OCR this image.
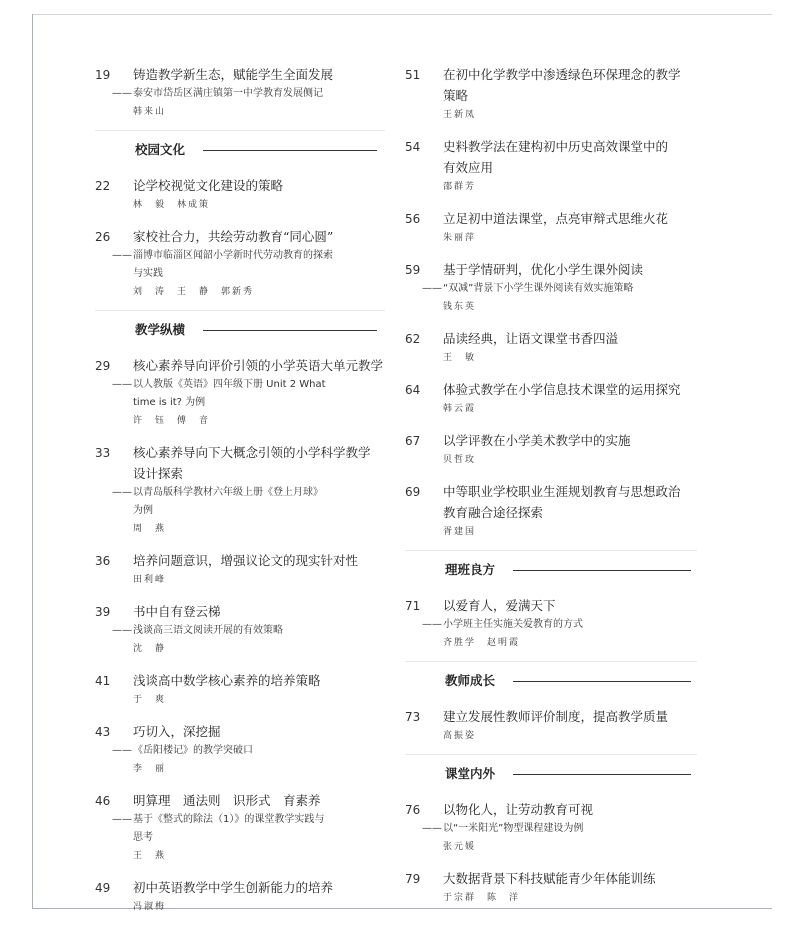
19 铸造教学新生态，赋能学生全面发展
—— 泰安市岱岳区满庄镇第一中学教育发展侧记
韩来山
校园文化
22 论学校视觉文化建设的策略
林　毅　林成策
26 家校社合力，共绘劳动教育“同心圆”
—— 淄博市临淄区闻韶小学新时代劳动教育的探索
与实践
刘　涛　王　静　郭新秀
教学纵横
29 核心素养导向评价引领的小学英语大单元教学
—— 以人教版《英语》四年级下册 Unit 2 What
time is it? 为例
许　钰　傅　音
33 核心素养导向下大概念引领的小学科学教学
设计探索
—— 以青岛版科学教材六年级上册《登上月球》
为例
周　燕
36 培养问题意识，增强议论文的现实针对性
田利峰
39 书中自有登云梯
—— 浅谈高三语文阅读开展的有效策略
沈　静
41 浅谈高中数学核心素养的培养策略
于　爽
43 巧切入，深挖掘
—— 《岳阳楼记》的教学突破口
李　丽
46 明算理　通法则　识形式　育素养
—— 基于《整式的除法（1）》的课堂教学实践与
思考
王　燕
49 初中英语教学中学生创新能力的培养
冯淑梅
51 在初中化学教学中渗透绿色环保理念的教学
策略
王新凤
54 史料教学法在建构初中历史高效课堂中的
有效应用
邵群芳
56 立足初中道法课堂，点亮审辩式思维火花
朱丽萍
59 基于学情研判，优化小学生课外阅读
—— “双减”背景下小学生课外阅读有效实施策略
钱东英
62 品读经典，让语文课堂书香四溢
王　敏
64 体验式教学在小学信息技术课堂的运用探究
韩云霞
67 以学评教在小学美术教学中的实施
贝哲玫
69 中等职业学校职业生涯规划教育与思想政治
教育融合途径探索
胥建国
理班良方
71 以爱育人，爱满天下
—— 小学班主任实施关爱教育的方式
齐胜学　赵明霞
教师成长
73 建立发展性教师评价制度，提高教学质量
高振姿
课堂内外
76 以物化人，让劳动教育可视
—— 以“一米阳光”物型课程建设为例
张元媛
79 大数据背景下科技赋能青少年体能训练
于宗群　陈　洋
